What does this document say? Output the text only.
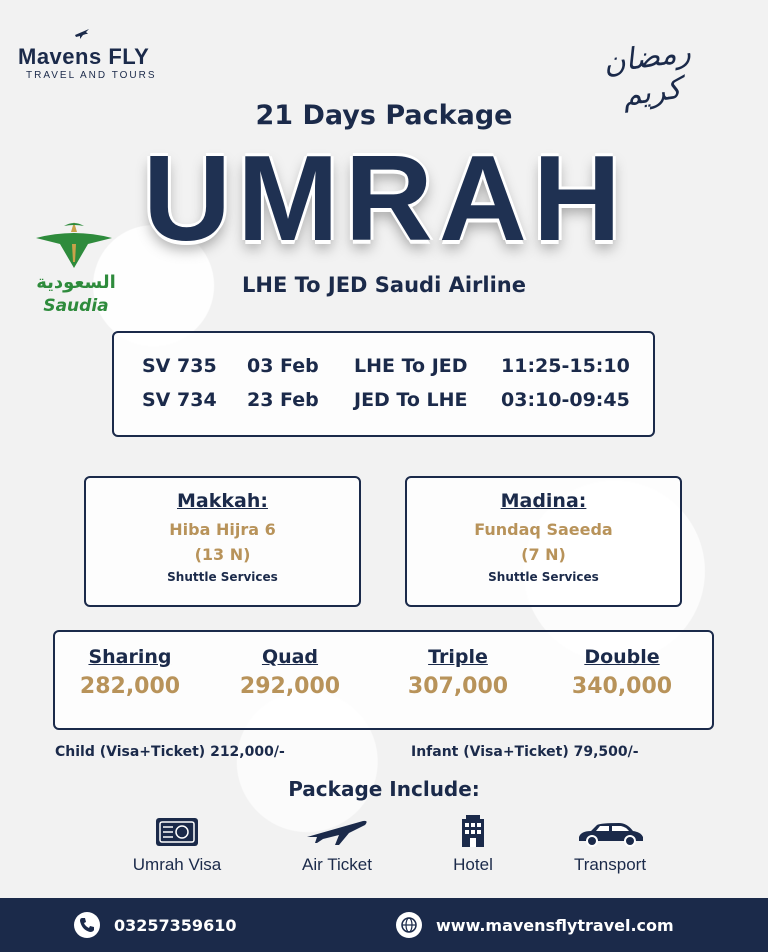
Mavens FLY
TRAVEL AND TOURS	رمضان كريم
21 Days Package
UMRAH
السعودية
Saudia
LHE To JED Saudi Airline
SV 735 03 Feb LHE To JED 11:25-15:10
SV 734 23 Feb JED To LHE 03:10-09:45
Makkah:
Hiba Hijra 6
(13 N)
Shuttle Services
Madina:
Fundaq Saeeda
(7 N)
Shuttle Services
Sharing
282,000
Quad
292,000
Triple
307,000
Double
340,000
Child (Visa+Ticket) 212,000/-	Infant (Visa+Ticket) 79,500/-
Package Include:
Umrah Visa	Air Ticket	Hotel	Transport
03257359610	www.mavensflytravel.com
